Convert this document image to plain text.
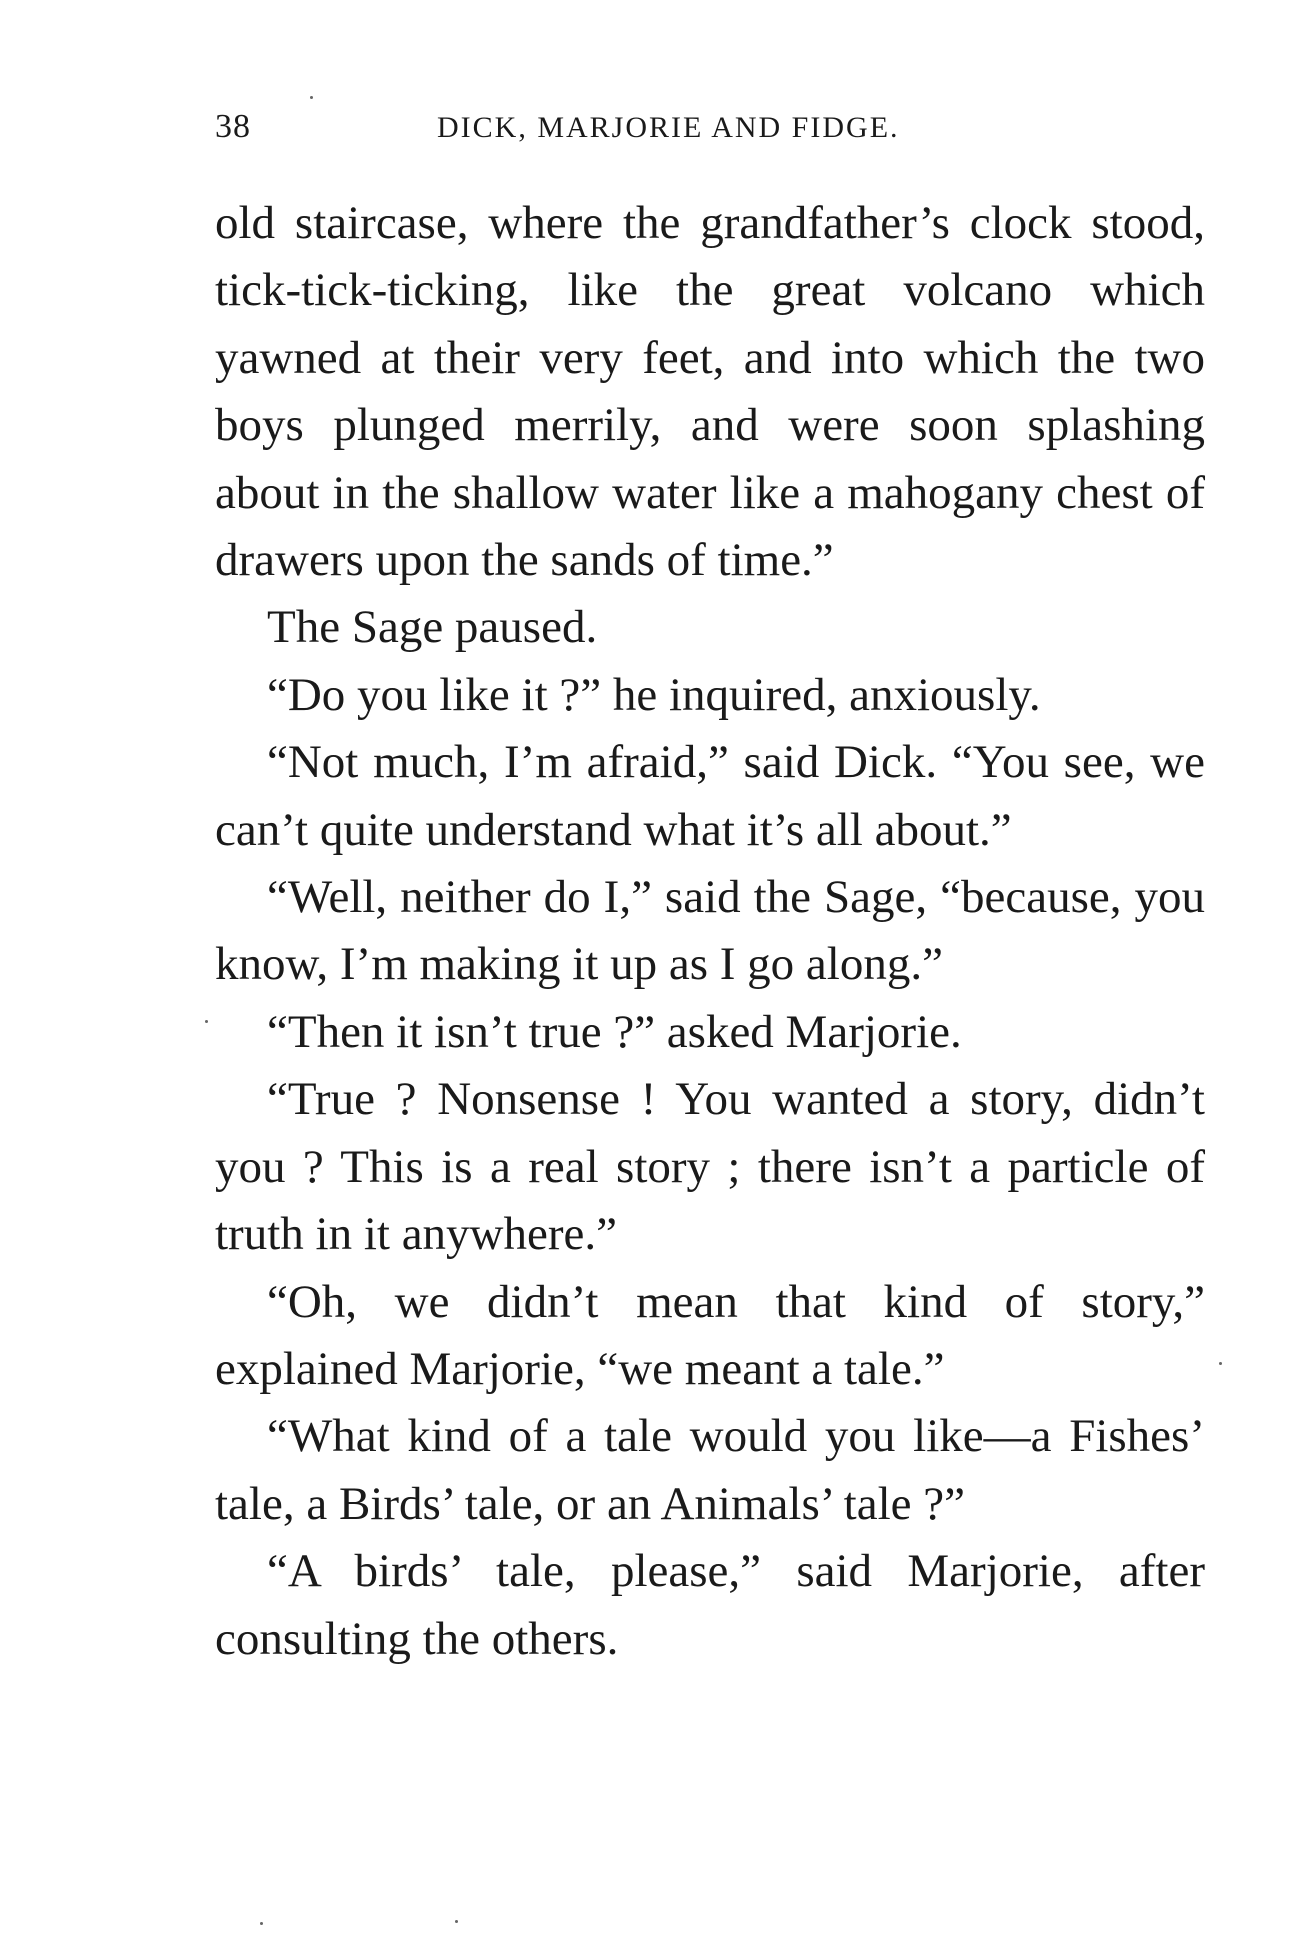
38	DICK, MARJORIE AND FIDGE.

old staircase, where the grandfather’s clock stood, tick-tick-ticking, like the great volcano which yawned at their very feet, and into which the two boys plunged merrily, and were soon splashing about in the shallow water like a mahogany chest of drawers upon the sands of time.”

The Sage paused.

“Do you like it ?” he inquired, anxiously.

“Not much, I’m afraid,” said Dick. “You see, we can’t quite understand what it’s all about.”

“Well, neither do I,” said the Sage, “because, you know, I’m making it up as I go along.”

“Then it isn’t true ?” asked Marjorie.

“True ? Nonsense ! You wanted a story, didn’t you ? This is a real story ; there isn’t a particle of truth in it anywhere.”

“Oh, we didn’t mean that kind of story,” explained Marjorie, “we meant a tale.”

“What kind of a tale would you like—a Fishes’ tale, a Birds’ tale, or an Animals’ tale ?”

“A birds’ tale, please,” said Marjorie, after consulting the others.
